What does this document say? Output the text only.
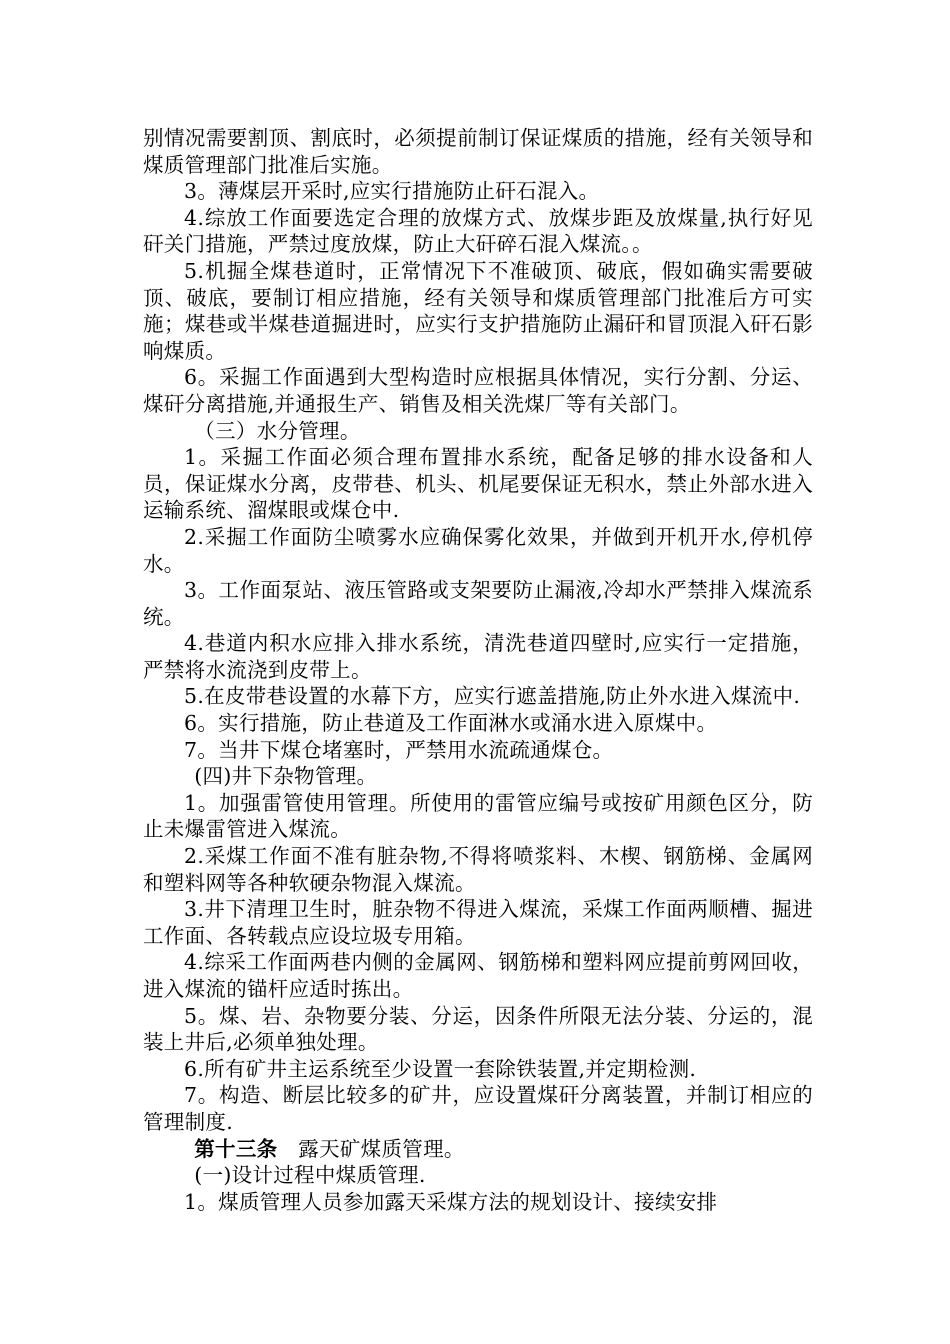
别情况需要割顶、割底时，必须提前制订保证煤质的措施，经有关领导和煤质管理部门批准后实施。

3。薄煤层开采时,应实行措施防止矸石混入。

4.综放工作面要选定合理的放煤方式、放煤步距及放煤量,执行好见矸关门措施，严禁过度放煤，防止大矸碎石混入煤流。。

5.机掘全煤巷道时，正常情况下不准破顶、破底，假如确实需要破顶、破底，要制订相应措施，经有关领导和煤质管理部门批准后方可实施；煤巷或半煤巷道掘进时，应实行支护措施防止漏矸和冒顶混入矸石影响煤质。

6。采掘工作面遇到大型构造时应根据具体情况，实行分割、分运、煤矸分离措施,并通报生产、销售及相关洗煤厂等有关部门。

（三）水分管理。

1。采掘工作面必须合理布置排水系统，配备足够的排水设备和人员，保证煤水分离，皮带巷、机头、机尾要保证无积水，禁止外部水进入运输系统、溜煤眼或煤仓中.

2.采掘工作面防尘喷雾水应确保雾化效果，并做到开机开水,停机停水。

3。工作面泵站、液压管路或支架要防止漏液,冷却水严禁排入煤流系统。

4.巷道内积水应排入排水系统，清洗巷道四壁时,应实行一定措施，严禁将水流浇到皮带上。

5.在皮带巷设置的水幕下方，应实行遮盖措施,防止外水进入煤流中.

6。实行措施，防止巷道及工作面淋水或涌水进入原煤中。

7。当井下煤仓堵塞时，严禁用水流疏通煤仓。

(四)井下杂物管理。

1。加强雷管使用管理。所使用的雷管应编号或按矿用颜色区分，防止未爆雷管进入煤流。

2.采煤工作面不准有脏杂物,不得将喷浆料、木楔、钢筋梯、金属网和塑料网等各种软硬杂物混入煤流。

3.井下清理卫生时，脏杂物不得进入煤流，采煤工作面两顺槽、掘进工作面、各转载点应设垃圾专用箱。

4.综采工作面两巷内侧的金属网、钢筋梯和塑料网应提前剪网回收，进入煤流的锚杆应适时拣出。

5。煤、岩、杂物要分装、分运，因条件所限无法分装、分运的，混装上井后,必须单独处理。

6.所有矿井主运系统至少设置一套除铁装置,并定期检测.

7。构造、断层比较多的矿井，应设置煤矸分离装置，并制订相应的管理制度.

第十三条　 露天矿煤质管理。

(一)设计过程中煤质管理.

1。煤质管理人员参加露天采煤方法的规划设计、接续安排
